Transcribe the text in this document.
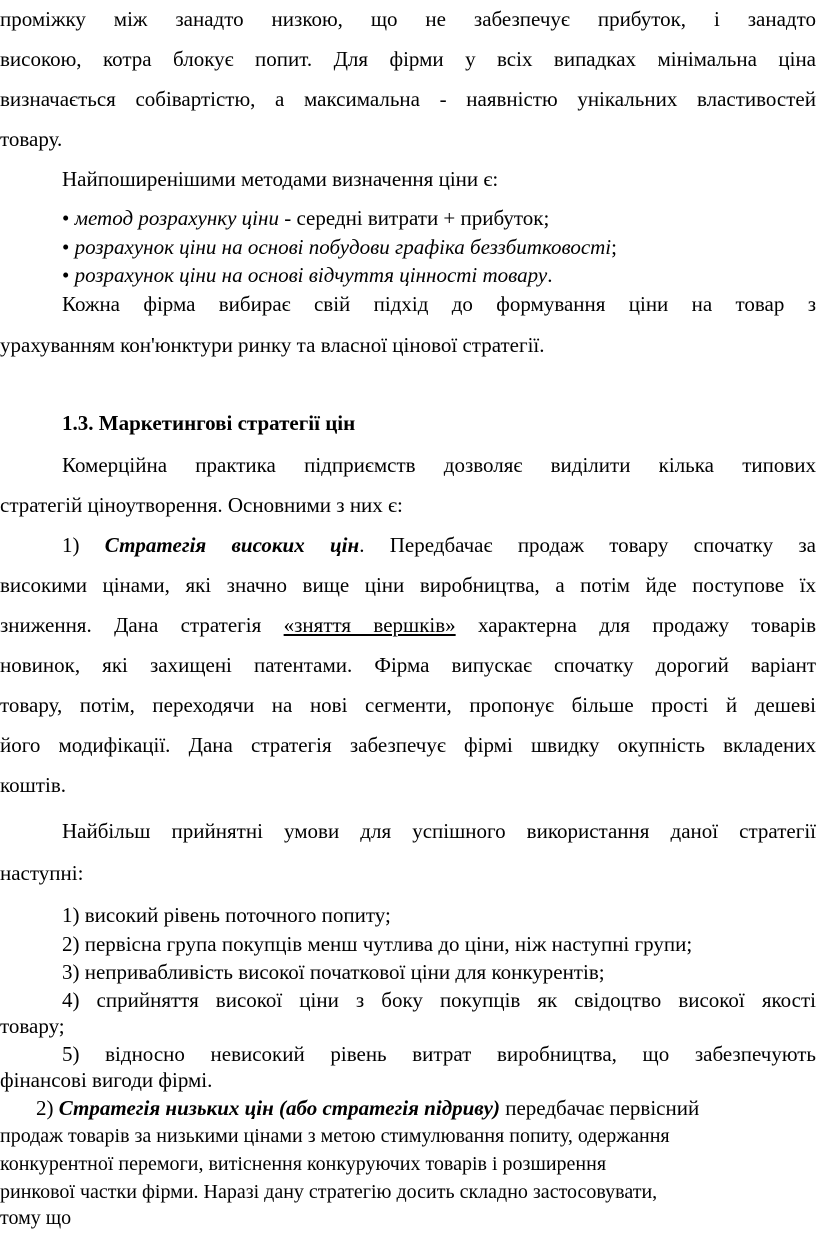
проміжку між занадто низкою, що не забезпечує прибуток, і занадто
високою, котра блокує попит. Для фірми у всіх випадках мінімальна ціна
визначається собівартістю, а максимальна - наявністю унікальних властивостей
товару.
Найпоширенішими методами визначення ціни є:
• метод розрахунку ціни - середні витрати + прибуток;
• розрахунок ціни на основі побудови графіка беззбитковості;
• розрахунок ціни на основі відчуття цінності товару.
Кожна фірма вибирає свій підхід до формування ціни на товар з
урахуванням кон'юнктури ринку та власної цінової стратегії.
1.3. Маркетингові стратегії цін
Комерційна практика підприємств дозволяє виділити кілька типових
стратегій ціноутворення. Основними з них є:
1) Стратегія високих цін. Передбачає продаж товару спочатку за
високими цінами, які значно вище ціни виробництва, а потім йде поступове їх
зниження. Дана стратегія «зняття вершків» характерна для продажу товарів
новинок, які захищені патентами. Фірма випускає спочатку дорогий варіант
товару, потім, переходячи на нові сегменти, пропонує більше прості й дешеві
його модифікації. Дана стратегія забезпечує фірмі швидку окупність вкладених
коштів.
Найбільш прийнятні умови для успішного використання даної стратегії
наступні:
1) високий рівень поточного попиту;
2) первісна група покупців менш чутлива до ціни, ніж наступні групи;
3) непривабливість високої початкової ціни для конкурентів;
4) сприйняття високої ціни з боку покупців як свідоцтво високої якості
товару;
5) відносно невисокий рівень витрат виробництва, що забезпечують
фінансові вигоди фірмі.
2) Стратегія низьких цін (або стратегія підриву) передбачає первісний
продаж товарів за низькими цінами з метою стимулювання попиту, одержання
конкурентної перемоги, витіснення конкуруючих товарів і розширення
ринкової частки фірми. Наразі дану стратегію досить складно застосовувати,
тому що
